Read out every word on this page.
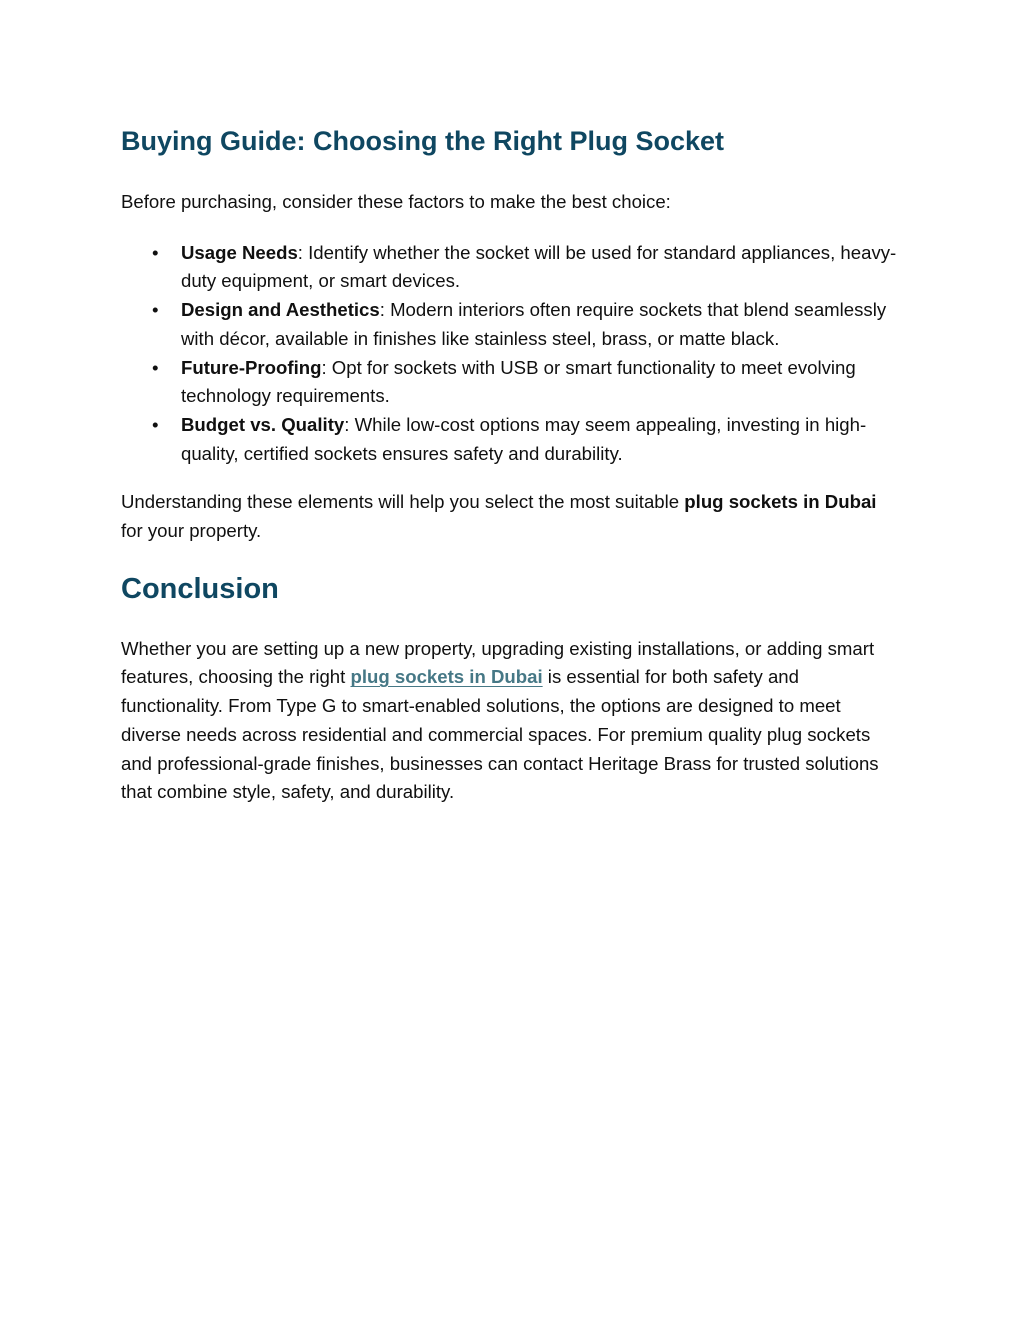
Buying Guide: Choosing the Right Plug Socket

Before purchasing, consider these factors to make the best choice:

• Usage Needs: Identify whether the socket will be used for standard appliances, heavy-duty equipment, or smart devices.
• Design and Aesthetics: Modern interiors often require sockets that blend seamlessly with décor, available in finishes like stainless steel, brass, or matte black.
• Future-Proofing: Opt for sockets with USB or smart functionality to meet evolving technology requirements.
• Budget vs. Quality: While low-cost options may seem appealing, investing in high-quality, certified sockets ensures safety and durability.

Understanding these elements will help you select the most suitable plug sockets in Dubai for your property.

Conclusion

Whether you are setting up a new property, upgrading existing installations, or adding smart features, choosing the right plug sockets in Dubai is essential for both safety and functionality. From Type G to smart-enabled solutions, the options are designed to meet diverse needs across residential and commercial spaces. For premium quality plug sockets and professional-grade finishes, businesses can contact Heritage Brass for trusted solutions that combine style, safety, and durability.
